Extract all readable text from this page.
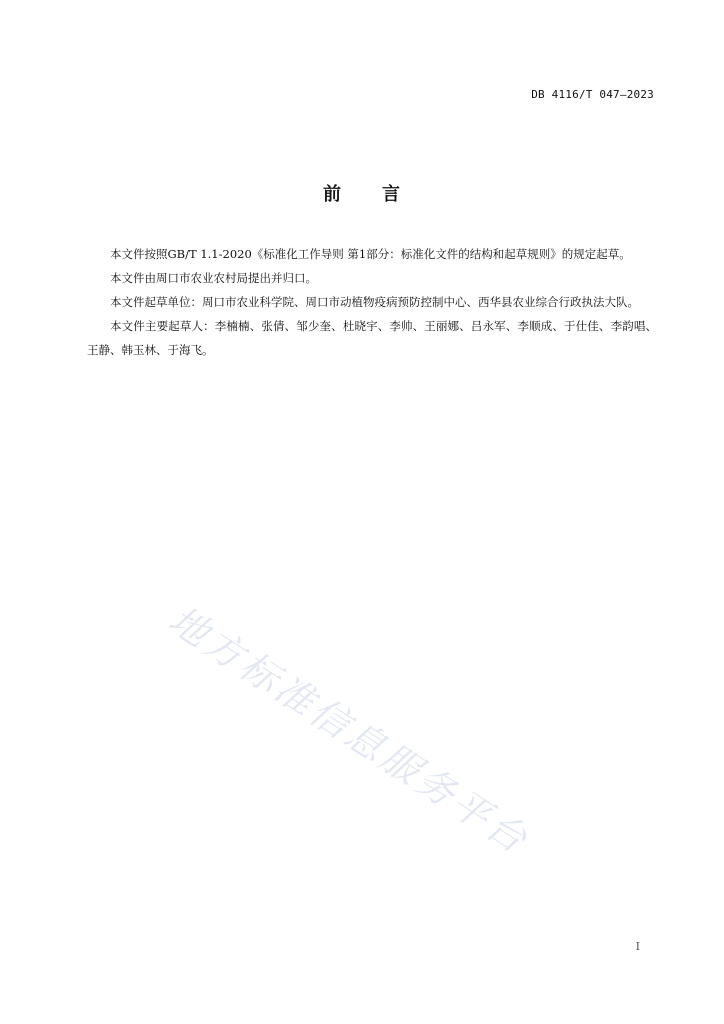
DB 4116/T 047—2023
前 言

本文件按照GB/T 1.1-2020《标准化工作导则 第1部分：标准化文件的结构和起草规则》的规定起草。

本文件由周口市农业农村局提出并归口。

本文件起草单位：周口市农业科学院、周口市动植物疫病预防控制中心、西华县农业综合行政执法大队。

本文件主要起草人：李楠楠、张倩、邹少奎、杜晓宇、李帅、王丽娜、吕永军、李顺成、于仕佳、李韵唱、王静、韩玉林、于海飞。

地方标准信息服务平台
I
